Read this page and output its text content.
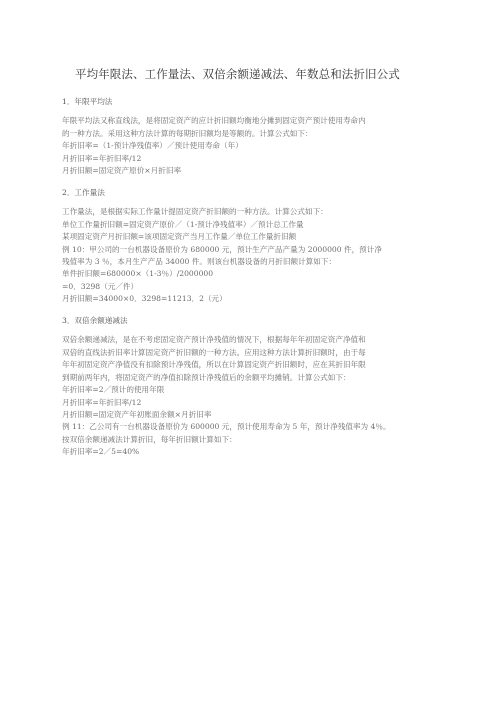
平均年限法、工作量法、双倍余额递减法、年数总和法折旧公式
1．年限平均法
年限平均法又称直线法，是将固定资产的应计折旧额均衡地分摊到固定资产预计使用寿命内
的一种方法。采用这种方法计算的每期折旧额均是等额的。计算公式如下：
年折旧率=（1-预计净残值率）／预计使用寿命（年）
月折旧率=年折旧率/12
月折旧额=固定资产原价×月折旧率
2．工作量法
工作量法，是根据实际工作量计提固定资产折旧额的一种方法。计算公式如下：
单位工作量折旧额=固定资产原价／（1-预计净残值率）／预计总工作量
某项固定资产月折旧额=该项固定资产当月工作量／单位工作量折旧额
例 10：甲公司的一台机器设备原价为 680000 元，预计生产产品产量为 2000000 件，预计净
残值率为 3 ％，本月生产产品 34000 件。则该台机器设备的月折旧额计算如下：
单件折旧额=680000×（1-3％）/2000000
=0．3298（元／件）
月折旧额=34000×0．3298=11213．2（元）
3．双倍余额递减法
双倍余额递减法，是在不考虑固定资产预计净残值的情况下，根据每年年初固定资产净值和
双倍的直线法折旧率计算固定资产折旧额的一种方法。应用这种方法计算折旧额时，由于每
年年初固定资产净值没有扣除预计净残值，所以在计算固定资产折旧额时，应在其折旧年限
到期前两年内，将固定资产的净值扣除预计净残值后的余额平均摊销。计算公式如下：
年折旧率=2／预计的使用年限
月折旧率=年折旧率/12
月折旧额=固定资产年初账面余额×月折旧率
例 11：乙公司有一台机器设备原价为 600000 元，预计使用寿命为 5 年，预计净残值率为 4％。
按双倍余额递减法计算折旧，每年折旧额计算如下：
年折旧率=2／5=40%
